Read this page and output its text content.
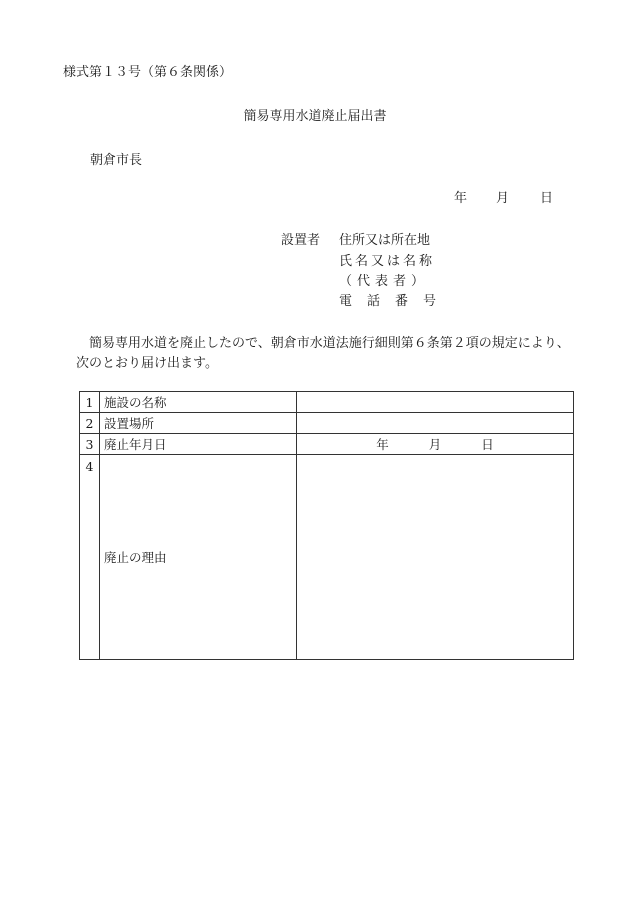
様式第１３号（第６条関係）
簡易専用水道廃止届出書
朝倉市長
年 月 日
設置者 住所又は所在地
氏名又は名称
（代表者）
電　話　番　号
簡易専用水道を廃止したので、朝倉市水道法施行細則第６条第２項の規定により、次のとおり届け出ます。
1	施設の名称	
2	設置場所	
3	廃止年月日	年 月 日

4	廃止の理由	
